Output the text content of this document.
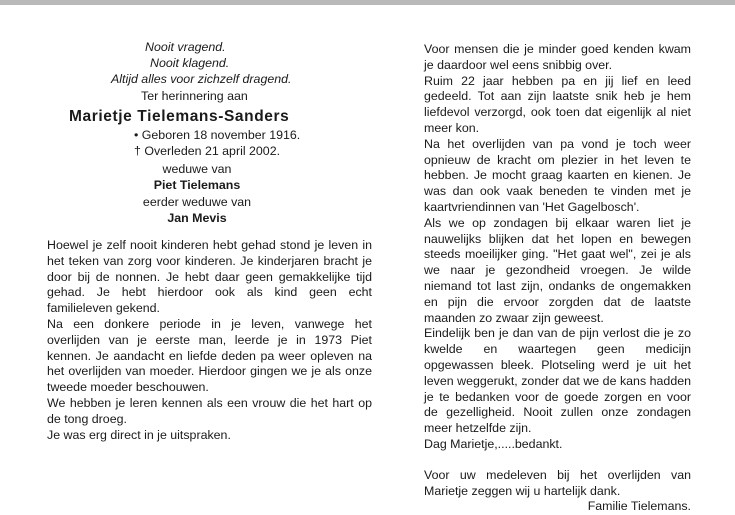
Nooit vragend.
Nooit klagend.
Altijd alles voor zichzelf dragend.
Ter herinnering aan
Marietje Tielemans-Sanders
• Geboren 18 november 1916.
† Overleden 21 april 2002.
weduwe van
Piet Tielemans
eerder weduwe van
Jan Mevis

Hoewel je zelf nooit kinderen hebt gehad stond je leven in het teken van zorg voor kinderen. Je kinderjaren bracht je door bij de nonnen. Je hebt daar geen gemakkelijke tijd gehad. Je hebt hierdoor ook als kind geen echt familieleven gekend.

Na een donkere periode in je leven, vanwege het overlijden van je eerste man, leerde je in 1973 Piet kennen. Je aandacht en liefde deden pa weer opleven na het overlijden van moeder. Hierdoor gingen we je als onze tweede moeder beschouwen.

We hebben je leren kennen als een vrouw die het hart op de tong droeg.

Je was erg direct in je uitspraken.

Voor mensen die je minder goed kenden kwam je daardoor wel eens snibbig over.

Ruim 22 jaar hebben pa en jij lief en leed gedeeld. Tot aan zijn laatste snik heb je hem liefdevol verzorgd, ook toen dat eigenlijk al niet meer kon.

Na het overlijden van pa vond je toch weer opnieuw de kracht om plezier in het leven te hebben. Je mocht graag kaarten en kienen. Je was dan ook vaak beneden te vinden met je kaartvriendinnen van 'Het Gagelbosch'.

Als we op zondagen bij elkaar waren liet je nauwelijks blijken dat het lopen en bewegen steeds moeilijker ging. "Het gaat wel", zei je als we naar je gezondheid vroegen. Je wilde niemand tot last zijn, ondanks de ongemakken en pijn die ervoor zorgden dat de laatste maanden zo zwaar zijn geweest.

Eindelijk ben je dan van de pijn verlost die je zo kwelde en waartegen geen medicijn opgewassen bleek. Plotseling werd je uit het leven weggerukt, zonder dat we de kans hadden je te bedanken voor de goede zorgen en voor de gezelligheid. Nooit zullen onze zondagen meer hetzelfde zijn.

Dag Marietje,.....bedankt.

Voor uw medeleven bij het overlijden van Marietje zeggen wij u hartelijk dank.

Familie Tielemans.
